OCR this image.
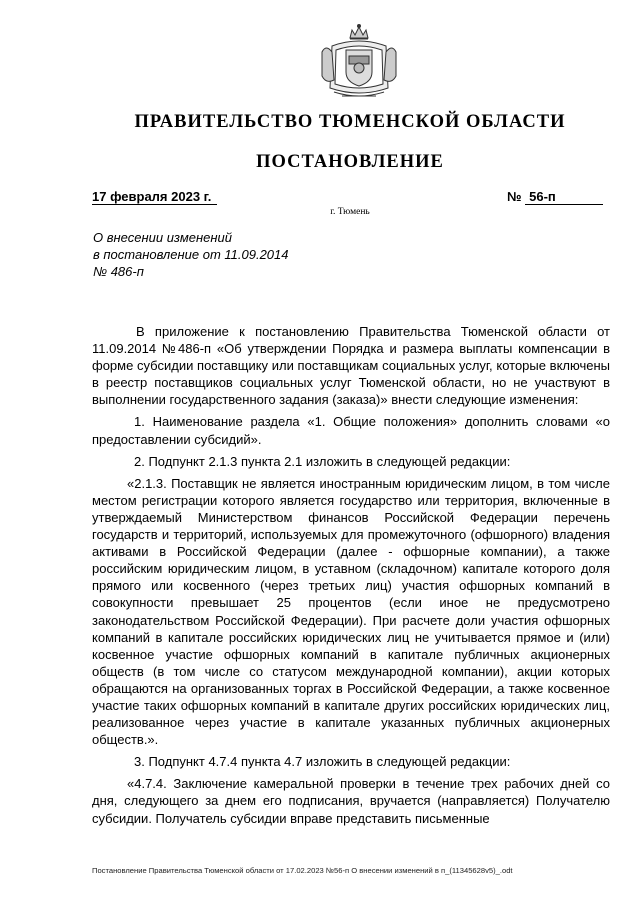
ПРАВИТЕЛЬСТВО ТЮМЕНСКОЙ ОБЛАСТИ
ПОСТАНОВЛЕНИЕ
17 февраля 2023 г.	№ 56-п
г. Тюмень
О внесении изменений
в постановление от 11.09.2014
№ 486-п

В приложение к постановлению Правительства Тюменской области от 11.09.2014 №486-п «Об утверждении Порядка и размера выплаты компенсации в форме субсидии поставщику или поставщикам социальных услуг, которые включены в реестр поставщиков социальных услуг Тюменской области, но не участвуют в выполнении государственного задания (заказа)» внести следующие изменения:

1. Наименование раздела «1. Общие положения» дополнить словами «о предоставлении субсидий».

2. Подпункт 2.1.3 пункта 2.1 изложить в следующей редакции:

«2.1.3. Поставщик не является иностранным юридическим лицом, в том числе местом регистрации которого является государство или территория, включенные в утверждаемый Министерством финансов Российской Федерации перечень государств и территорий, используемых для промежуточного (офшорного) владения активами в Российской Федерации (далее - офшорные компании), а также российским юридическим лицом, в уставном (складочном) капитале которого доля прямого или косвенного (через третьих лиц) участия офшорных компаний в совокупности превышает 25 процентов (если иное не предусмотрено законодательством Российской Федерации). При расчете доли участия офшорных компаний в капитале российских юридических лиц не учитывается прямое и (или) косвенное участие офшорных компаний в капитале публичных акционерных обществ (в том числе со статусом международной компании), акции которых обращаются на организованных торгах в Российской Федерации, а также косвенное участие таких офшорных компаний в капитале других российских юридических лиц, реализованное через участие в капитале указанных публичных акционерных обществ.».

3. Подпункт 4.7.4 пункта 4.7 изложить в следующей редакции:

«4.7.4. Заключение камеральной проверки в течение трех рабочих дней со дня, следующего за днем его подписания, вручается (направляется) Получателю субсидии. Получатель субсидии вправе представить письменные

Постановление Правительства Тюменской области от 17.02.2023 №56-п О внесении изменений в п_(11345628v5)_.odt
